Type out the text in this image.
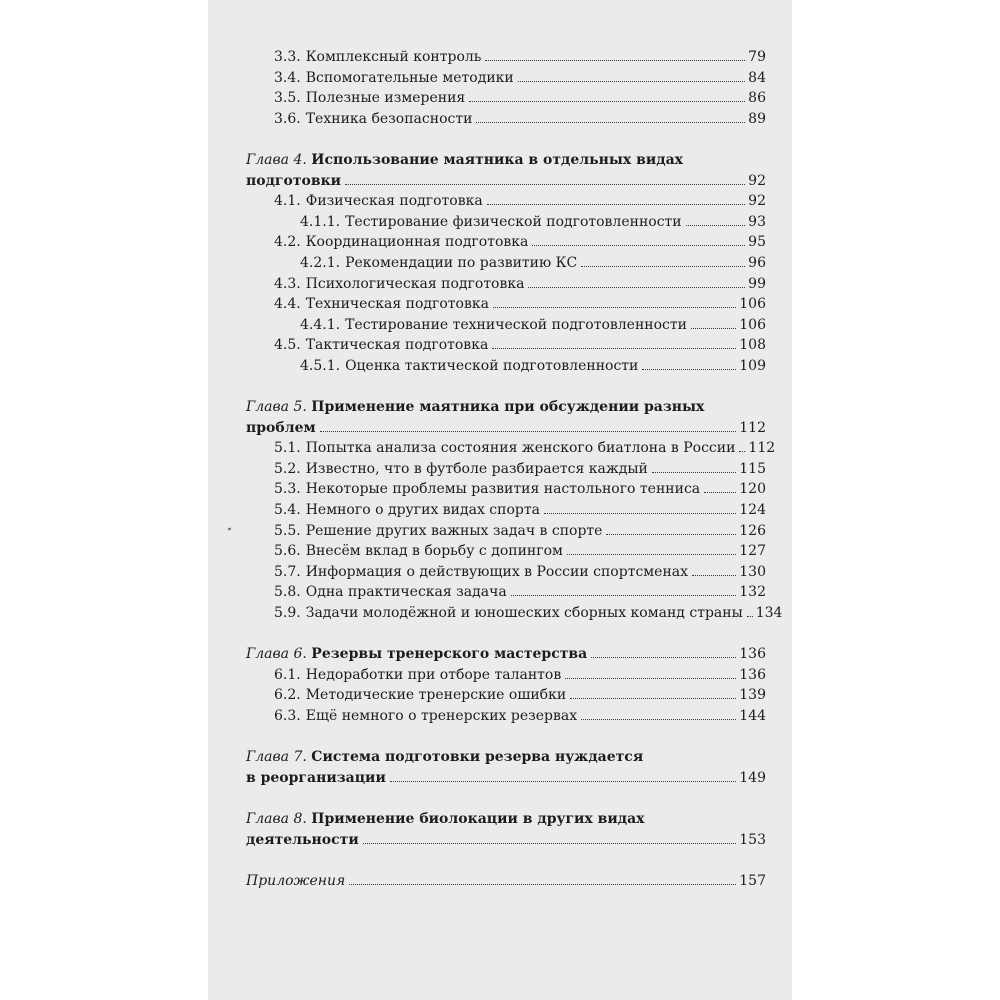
3.3. Комплексный контроль	79
3.4. Вспомогательные методики	84
3.5. Полезные измерения	86
3.6. Техника безопасности	89
Глава 4. Использование маятника в отдельных видах
подготовки	92
4.1. Физическая подготовка	92
4.1.1. Тестирование физической подготовленности	93
4.2. Координационная подготовка	95
4.2.1. Рекомендации по развитию КС	96
4.3. Психологическая подготовка	99
4.4. Техническая подготовка	106
4.4.1. Тестирование технической подготовленности	106
4.5. Тактическая подготовка	108
4.5.1. Оценка тактической подготовленности	109
Глава 5. Применение маятника при обсуждении разных
проблем	112
5.1. Попытка анализа состояния женского биатлона в России 112
5.2. Известно, что в футболе разбирается каждый	115
5.3. Некоторые проблемы развития настольного тенниса	120
5.4. Немного о других видах спорта	124
5.5. Решение других важных задач в спорте	126
5.6. Внесём вклад в борьбу с допингом	127
5.7. Информация о действующих в России спортсменах	130
5.8. Одна практическая задача	132
5.9. Задачи молодёжной и юношеских сборных команд страны 134
Глава 6.
Резервы тренерского мастерства	136
6.1. Недоработки при отборе талантов	136
6.2. Методические тренерские ошибки	139
6.3. Ещё немного о тренерских резервах	144
Глава 7. Система подготовки резерва нуждается
в реорганизации	149
Глава 8. Применение биолокации в других видах
деятельности	153
Приложения	157
